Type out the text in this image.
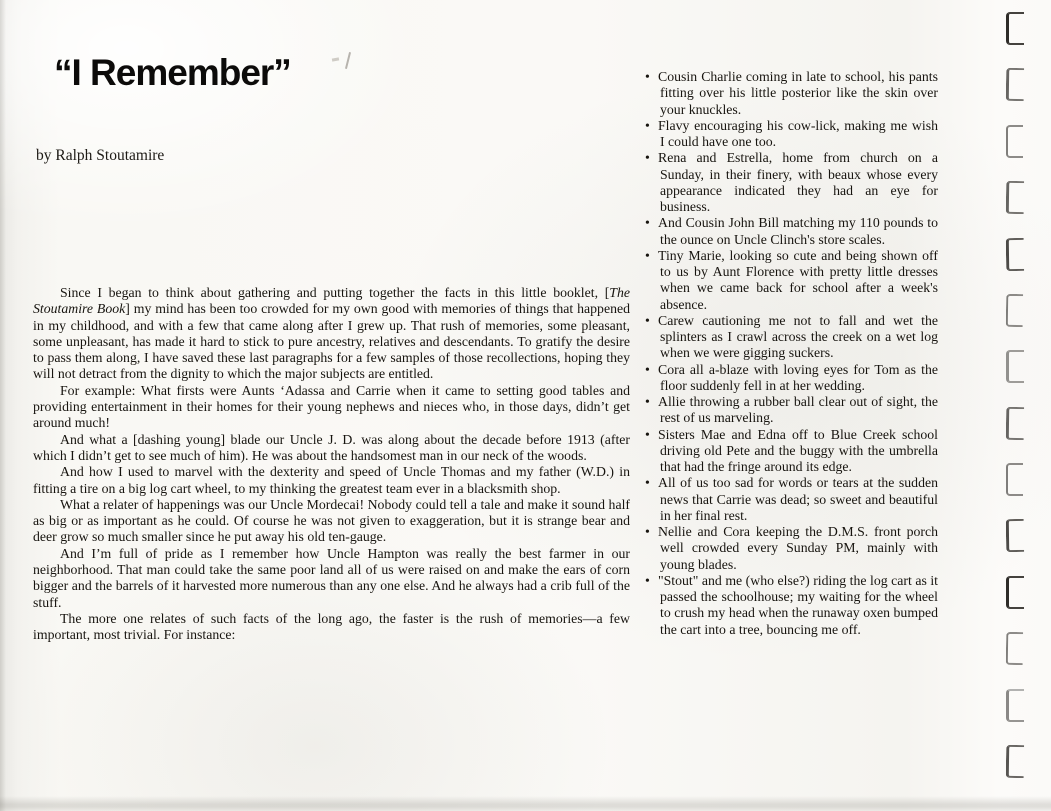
“I Remember”
by Ralph Stoutamire

Since I began to think about gathering and putting together the facts in this little booklet, [The Stoutamire Book] my mind has been too crowded for my own good with memories of things that happened in my childhood, and with a few that came along after I grew up. That rush of memories, some pleasant, some unpleasant, has made it hard to stick to pure ancestry, relatives and descendants. To gratify the desire to pass them along, I have saved these last paragraphs for a few samples of those recollections, hoping they will not detract from the dignity to which the major subjects are entitled.

For example: What firsts were Aunts ‘Adassa and Carrie when it came to setting good tables and providing entertainment in their homes for their young nephews and nieces who, in those days, didn’t get around much!

And what a [dashing young] blade our Uncle J. D. was along about the decade before 1913 (after which I didn’t get to see much of him). He was about the handsomest man in our neck of the woods.

And how I used to marvel with the dexterity and speed of Uncle Thomas and my father (W.D.) in fitting a tire on a big log cart wheel, to my thinking the greatest team ever in a blacksmith shop.

What a relater of happenings was our Uncle Mordecai! Nobody could tell a tale and make it sound half as big or as important as he could. Of course he was not given to exaggeration, but it is strange bear and deer grow so much smaller since he put away his old ten-gauge.

And I’m full of pride as I remember how Uncle Hampton was really the best farmer in our neighborhood. That man could take the same poor land all of us were raised on and make the ears of corn bigger and the barrels of it harvested more numerous than any one else. And he always had a crib full of the stuff.

The more one relates of such facts of the long ago, the faster is the rush of memories—a few important, most trivial. For instance:

• Cousin Charlie coming in late to school, his pants fitting over his little posterior like the skin over your knuckles.
• Flavy encouraging his cow-lick, making me wish I could have one too.
• Rena and Estrella, home from church on a Sunday, in their finery, with beaux whose every appearance indicated they had an eye for business.
• And Cousin John Bill matching my 110 pounds to the ounce on Uncle Clinch's store scales.
• Tiny Marie, looking so cute and being shown off to us by Aunt Florence with pretty little dresses when we came back for school after a week's absence.
• Carew cautioning me not to fall and wet the splinters as I crawl across the creek on a wet log when we were gigging suckers.
• Cora all a-blaze with loving eyes for Tom as the floor suddenly fell in at her wedding.
• Allie throwing a rubber ball clear out of sight, the rest of us marveling.
• Sisters Mae and Edna off to Blue Creek school driving old Pete and the buggy with the umbrella that had the fringe around its edge.
• All of us too sad for words or tears at the sudden news that Carrie was dead; so sweet and beautiful in her final rest.
• Nellie and Cora keeping the D.M.S. front porch well crowded every Sunday PM, mainly with young blades.
• "Stout" and me (who else?) riding the log cart as it passed the schoolhouse; my waiting for the wheel to crush my head when the runaway oxen bumped the cart into a tree, bouncing me off.
